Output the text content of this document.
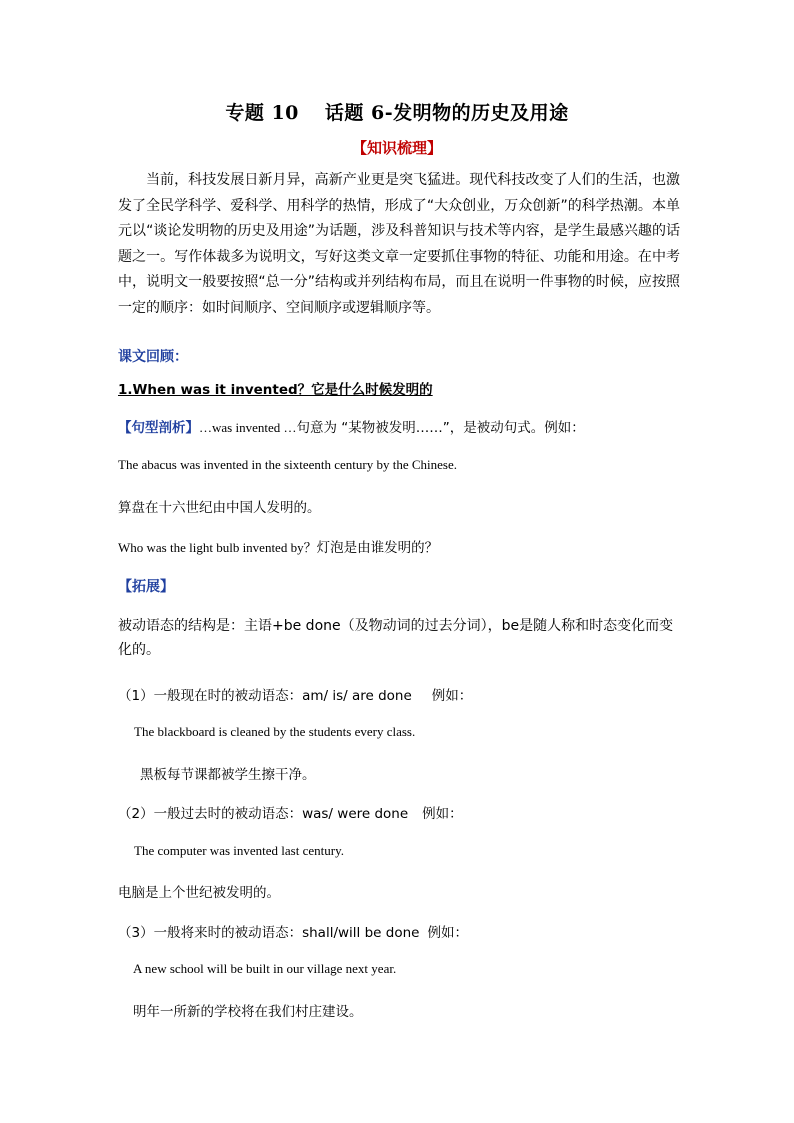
专题 10 话题 6-发明物的历史及用途
【知识梳理】
当前，科技发展日新月异，高新产业更是突飞猛进。现代科技改变了人们的生活，也激发了全民学科学、爱科学、用科学的热情，形成了“大众创业，万众创新”的科学热潮。本单元以“谈论发明物的历史及用途”为话题，涉及科普知识与技术等内容，是学生最感兴趣的话题之一。写作体裁多为说明文，写好这类文章一定要抓住事物的特征、功能和用途。在中考中，说明文一般要按照“总一分”结构或并列结构布局，而且在说明一件事物的时候，应按照一定的顺序：如时间顺序、空间顺序或逻辑顺序等。
课文回顾：
1.When was it invented？它是什么时候发明的
【句型剖析】…was invented …句意为 “某物被发明……”，是被动句式。例如：
The abacus was invented in the sixteenth century by the Chinese.
算盘在十六世纪由中国人发明的。
Who was the light bulb invented by？灯泡是由谁发明的？
【拓展】
被动语态的结构是：主语+be done（及物动词的过去分词），be是随人称和时态变化而变化的。
（1）一般现在时的被动语态：am/ is/ are done 例如：
The blackboard is cleaned by the students every class.
黑板每节课都被学生擦干净。
（2）一般过去时的被动语态：was/ were done 例如：
The computer was invented last century.
电脑是上个世纪被发明的。
（3）一般将来时的被动语态：shall/will be done 例如：
A new school will be built in our village next year.
明年一所新的学校将在我们村庄建设。
